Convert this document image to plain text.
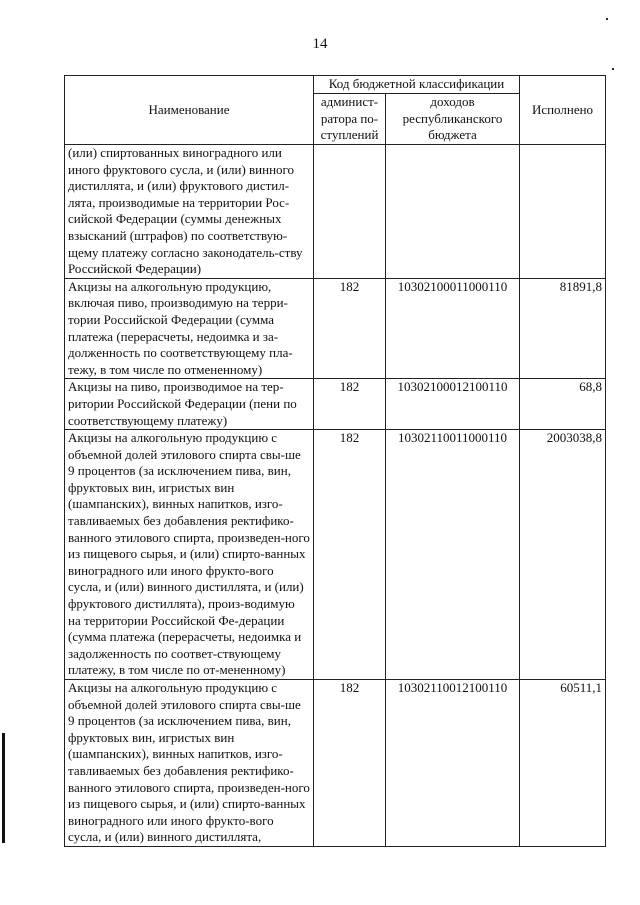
14
Наименование	Код бюджетной классификации		Исполнено
	админист-ратора по-ступлений	доходов республиканского бюджета	
(или) спиртованных виноградного или иного фруктового сусла, и (или) винного дистиллята, и (или) фруктового дистил-лята, производимые на территории Рос-сийской Федерации (суммы денежных взысканий (штрафов) по соответствую-щему платежу согласно законодатель-ству Российской Федерации)			
Акцизы на алкогольную продукцию, включая пиво, производимую на терри-тории Российской Федерации (сумма платежа (перерасчеты, недоимка и за-долженность по соответствующему пла-тежу, в том числе по отмененному)	182	10302100011000110	81891,8
Акцизы на пиво, производимое на тер-ритории Российской Федерации (пени по соответствующему платежу)	182	10302100012100110	68,8
Акцизы на алкогольную продукцию с объемной долей этилового спирта свы-ше 9 процентов (за исключением пива, вин, фруктовых вин, игристых вин (шампанских), винных напитков, изго-тавливаемых без добавления ректифико-ванного этилового спирта, произведен-ного из пищевого сырья, и (или) спирто-ванных виноградного или иного фрукто-вого сусла, и (или) винного дистиллята, и (или) фруктового дистиллята), произ-водимую на территории Российской Фе-дерации (сумма платежа (перерасчеты, недоимка и задолженность по соответ-ствующему платежу, в том числе по от-мененному)	182	10302110011000110	2003038,8
Акцизы на алкогольную продукцию с объемной долей этилового спирта свы-ше 9 процентов (за исключением пива, вин, фруктовых вин, игристых вин (шампанских), винных напитков, изго-тавливаемых без добавления ректифико-ванного этилового спирта, произведен-ного из пищевого сырья, и (или) спирто-ванных виноградного или иного фрукто-вого сусла, и (или) винного дистиллята,	182	10302110012100110	60511,1
